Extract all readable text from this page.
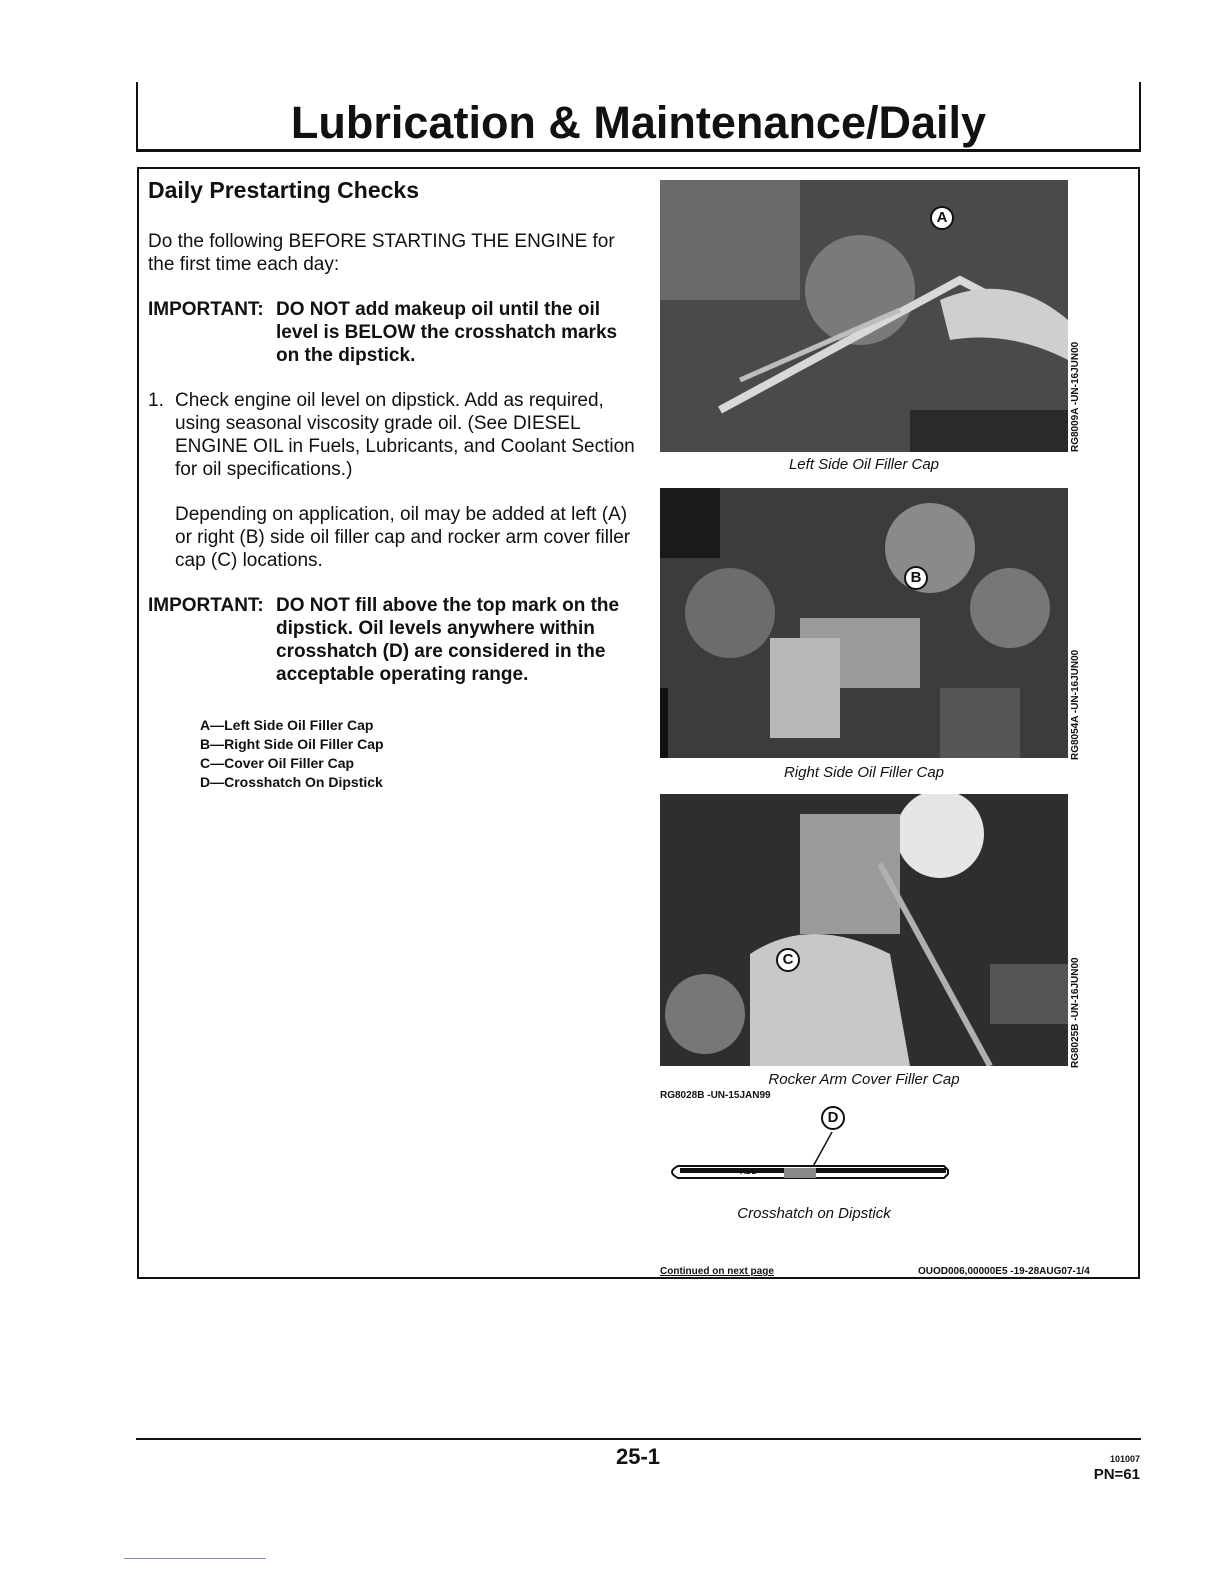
Lubrication & Maintenance/Daily
Daily Prestarting Checks
Do the following BEFORE STARTING THE ENGINE for the first time each day:
IMPORTANT: DO NOT add makeup oil until the oil level is BELOW the crosshatch marks on the dipstick.
1. Check engine oil level on dipstick. Add as required, using seasonal viscosity grade oil. (See DIESEL ENGINE OIL in Fuels, Lubricants, and Coolant Section for oil specifications.)
Depending on application, oil may be added at left (A) or right (B) side oil filler cap and rocker arm cover filler cap (C) locations.
IMPORTANT: DO NOT fill above the top mark on the dipstick. Oil levels anywhere within crosshatch (D) are considered in the acceptable operating range.
A—Left Side Oil Filler Cap
B—Right Side Oil Filler Cap
C—Cover Oil Filler Cap
D—Crosshatch On Dipstick
A
RG8009A -UN-16JUN00
Left Side Oil Filler Cap
B
RG8054A -UN-16JUN00
Right Side Oil Filler Cap
C	RG8025B -UN-16JUN00
Rocker Arm Cover Filler Cap
RG8028B -UN-15JAN99
D
ADD
Crosshatch on Dipstick
Continued on next page	OUOD006,00000E5 -19-28AUG07-1/4
25-1	101007
PN=61
